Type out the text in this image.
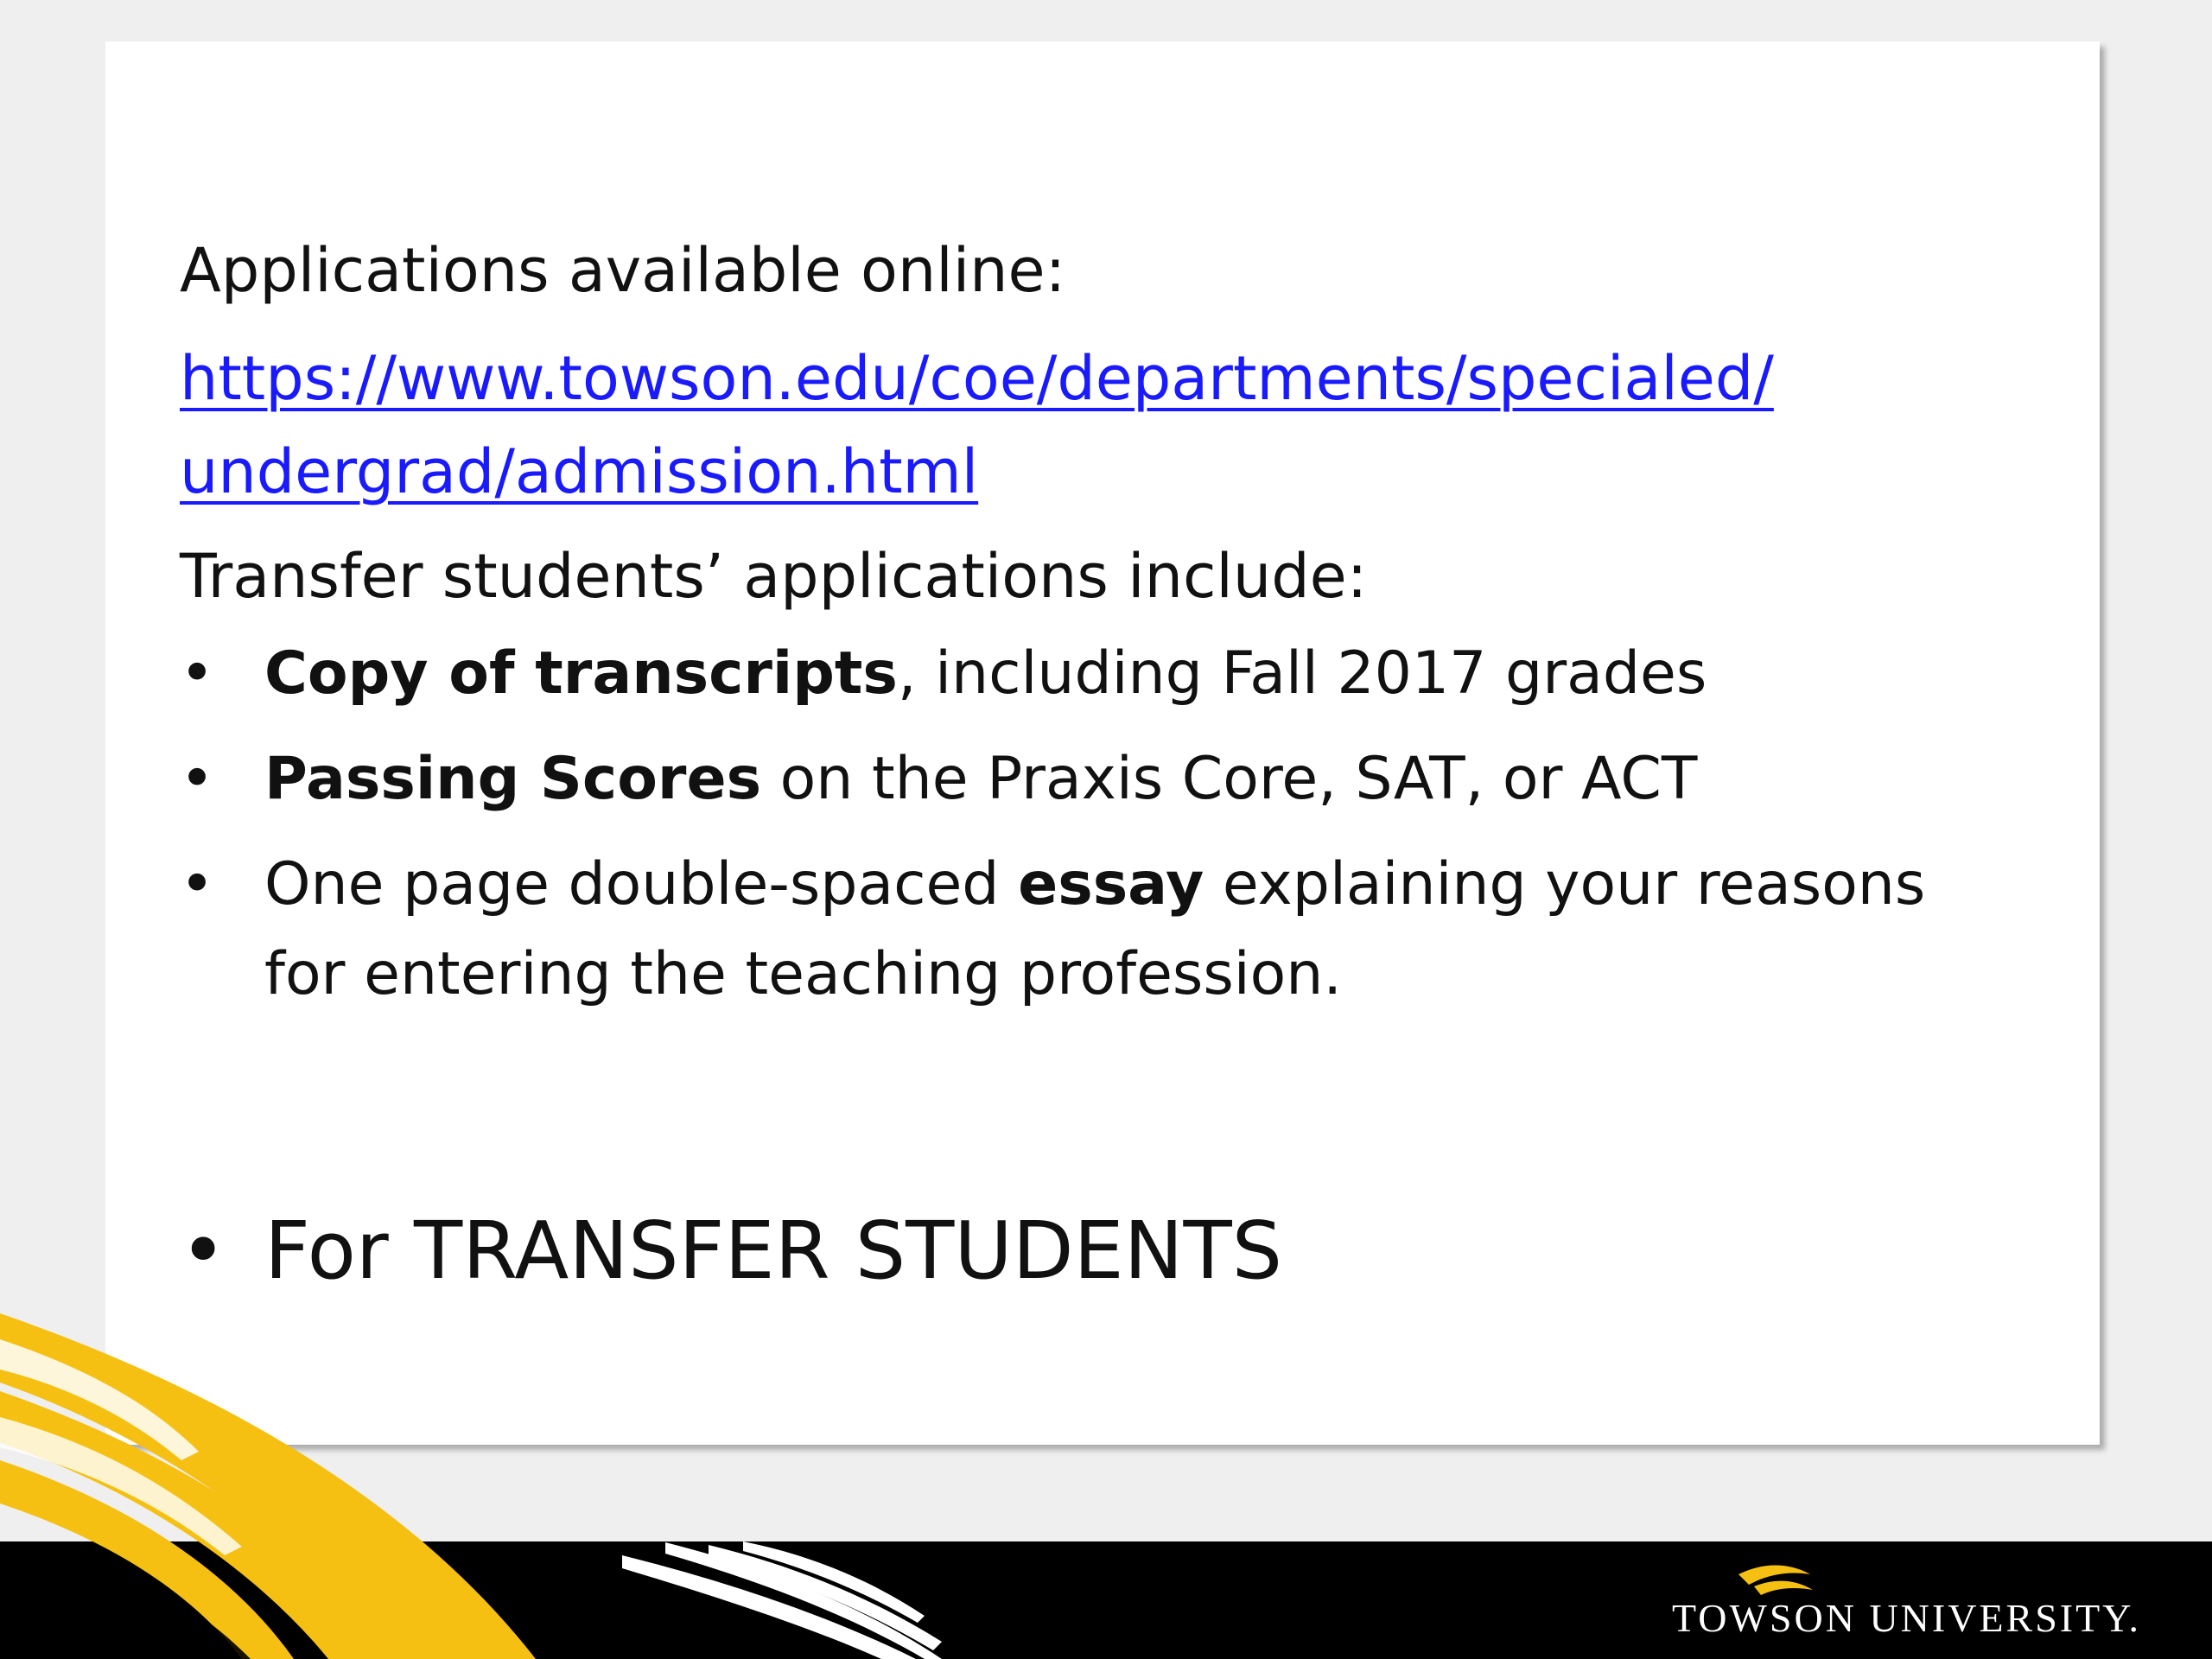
Applications available online:

https://www.towson.edu/coe/departments/specialed/
undergrad/admission.html

Transfer students’ applications include:

• Copy of transcripts, including Fall 2017 grades
• Passing Scores on the Praxis Core, SAT, or ACT
• One page double-spaced essay explaining your reasons
for entering the teaching profession.
• For TRANSFER STUDENTS
TOWSON UNIVERSITY.
